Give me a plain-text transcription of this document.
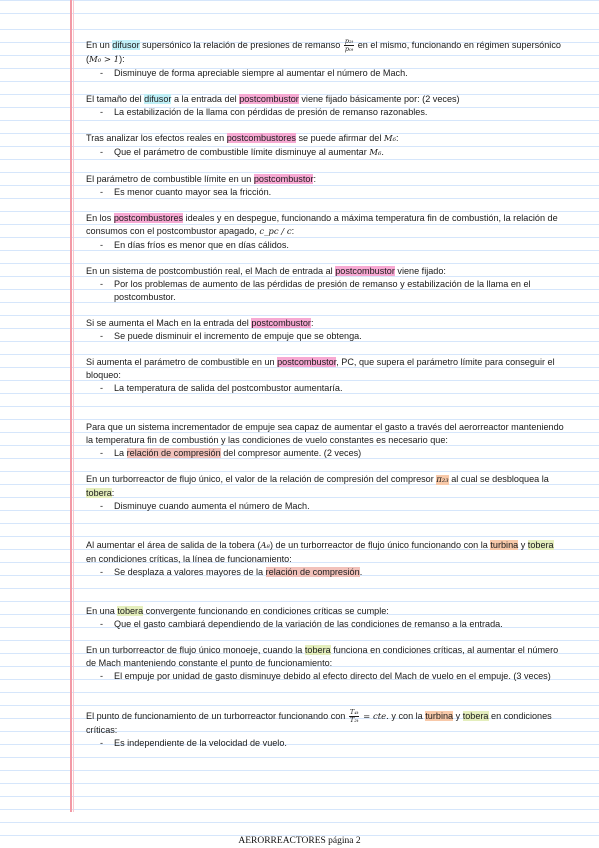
En un difusor supersónico la relación de presiones de remanso $\frac{\text{p₂ₜ}}{\text{p₀ₜ}}$ en el mismo, funcionando en régimen supersónico (M₀ > 1):

- Disminuye de forma apreciable siempre al aumentar el número de Mach.

El tamaño del difusor a la entrada del postcombustor viene fijado básicamente por: (2 veces)

- La estabilización de la llama con pérdidas de presión de remanso razonables.

Tras analizar los efectos reales en postcombustores se puede afirmar del M₆:

- Que el parámetro de combustible límite disminuye al aumentar M₆.

El parámetro de combustible límite en un postcombustor:

- Es menor cuanto mayor sea la fricción.

En los postcombustores ideales y en despegue, funcionando a máxima temperatura fin de combustión, la relación de consumos con el postcombustor apagado, c_pc / c:

- En días fríos es menor que en días cálidos.

En un sistema de postcombustión real, el Mach de entrada al postcombustor viene fijado:

- Por los problemas de aumento de las pérdidas de presión de remanso y estabilización de la llama en el postcombustor.

Si se aumenta el Mach en la entrada del postcombustor:

- Se puede disminuir el incremento de empuje que se obtenga.

Si aumenta el parámetro de combustible en un postcombustor, PC, que supera el parámetro límite para conseguir el bloqueo:

- La temperatura de salida del postcombustor aumentaría.

Para que un sistema incrementador de empuje sea capaz de aumentar el gasto a través del aerorreactor manteniendo la temperatura fin de combustión y las condiciones de vuelo constantes es necesario que:

- La relación de compresión del compresor aumente. (2 veces)

En un turborreactor de flujo único, el valor de la relación de compresión del compresor π₂₃ al cual se desbloquea la tobera:

- Disminuye cuando aumenta el número de Mach.

Al aumentar el área de salida de la tobera (A₈) de un turborreactor de flujo único funcionando con la turbina y tobera en condiciones críticas, la línea de funcionamiento:

- Se desplaza a valores mayores de la relación de compresión.

En una tobera convergente funcionando en condiciones críticas se cumple:

- Que el gasto cambiará dependiendo de la variación de las condiciones de remanso a la entrada.

En un turborreactor de flujo único monoeje, cuando la tobera funciona en condiciones críticas, al aumentar el número de Mach manteniendo constante el punto de funcionamiento:

- El empuje por unidad de gasto disminuye debido al efecto directo del Mach de vuelo en el empuje. (3 veces)

El punto de funcionamiento de un turborreactor funcionando con $\frac{\text{T₄ₜ}}{\text{T₂ₜ}}$ = cte. y con la turbina y tobera en condiciones críticas:

- Es independiente de la velocidad de vuelo.

AERORREACTORES página 2
